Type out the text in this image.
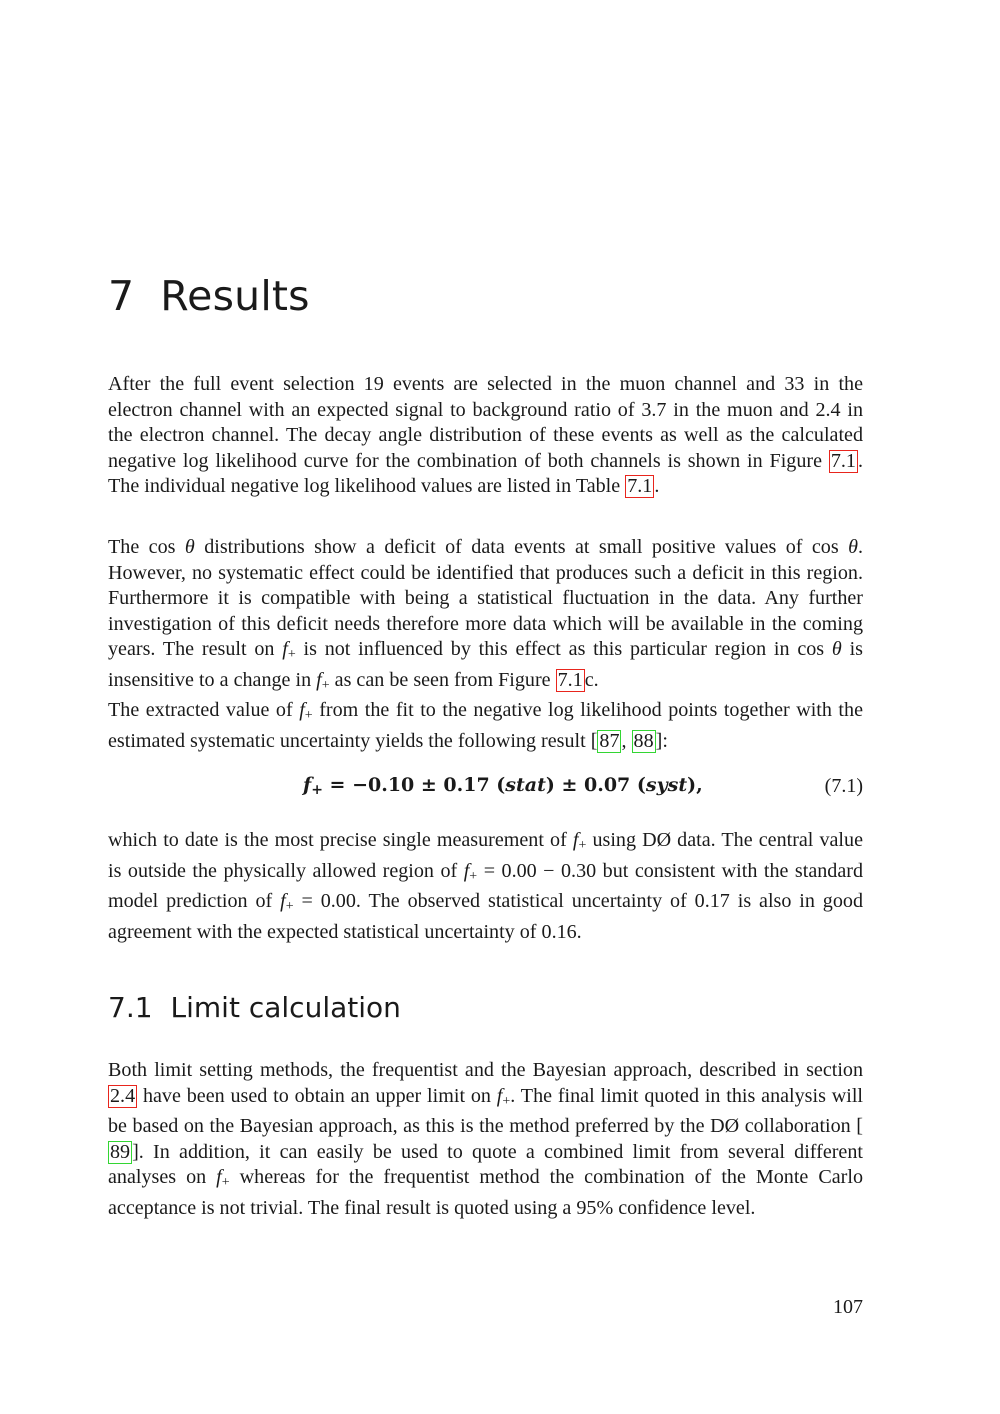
7 Results

After the full event selection 19 events are selected in the muon channel and 33 in the electron channel with an expected signal to background ratio of 3.7 in the muon and 2.4 in the electron channel. The decay angle distribution of these events as well as the calculated negative log likelihood curve for the combination of both channels is shown in Figure 7.1. The individual negative log likelihood values are listed in Table 7.1.

The cos θ distributions show a deficit of data events at small positive values of cos θ. However, no systematic effect could be identified that produces such a deficit in this region. Furthermore it is compatible with being a statistical fluctuation in the data. Any further investigation of this deficit needs therefore more data which will be available in the coming years. The result on $f_+$ is not influenced by this effect as this particular region in cos θ is insensitive to a change in $f_+$ as can be seen from Figure 7.1c.

The extracted value of $f_+$ from the fit to the negative log likelihood points together with the estimated systematic uncertainty yields the following result [87, 88]:

$f_+ = -0.10 \pm 0.17$ (stat) ± 0.07 (syst),	(7.1)

which to date is the most precise single measurement of $f_+$ using DØ data. The central value is outside the physically allowed region of $f_+ = 0.00 - 0.30$ but consistent with the standard model prediction of $f_+ = 0.00$. The observed statistical uncertainty of 0.17 is also in good agreement with the expected statistical uncertainty of 0.16.

7.1 Limit calculation

Both limit setting methods, the frequentist and the Bayesian approach, described in section 2.4 have been used to obtain an upper limit on $f_+$. The final limit quoted in this analysis will be based on the Bayesian approach, as this is the method preferred by the DØ collaboration [89]. In addition, it can easily be used to quote a combined limit from several different analyses on $f_+$ whereas for the frequentist method the combination of the Monte Carlo acceptance is not trivial. The final result is quoted using a 95% confidence level.

107
